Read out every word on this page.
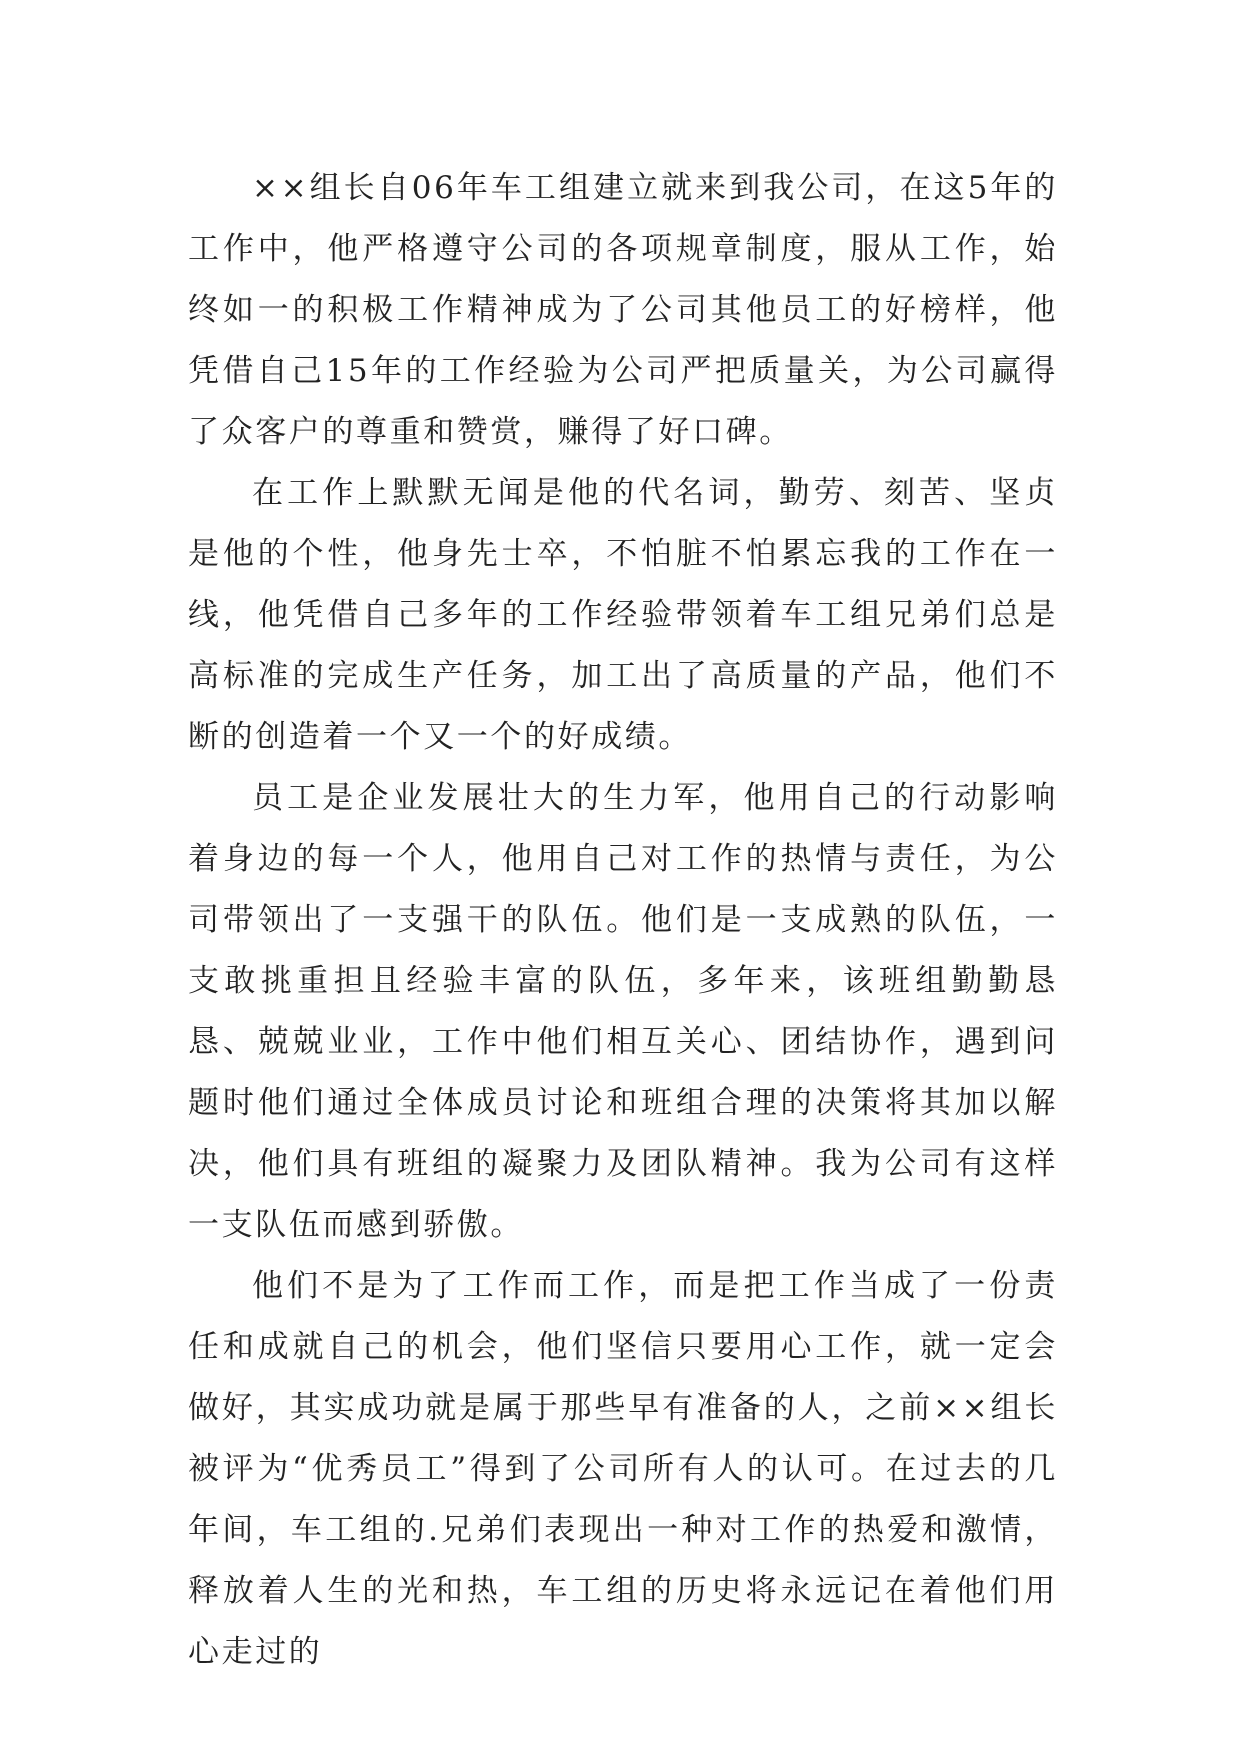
××组长自06年车工组建立就来到我公司，在这5年的工作中，他严格遵守公司的各项规章制度，服从工作，始终如一的积极工作精神成为了公司其他员工的好榜样，他凭借自己15年的工作经验为公司严把质量关，为公司赢得了众客户的尊重和赞赏，赚得了好口碑。

在工作上默默无闻是他的代名词，勤劳、刻苦、坚贞是他的个性，他身先士卒，不怕脏不怕累忘我的工作在一线，他凭借自己多年的工作经验带领着车工组兄弟们总是高标准的完成生产任务，加工出了高质量的产品，他们不断的创造着一个又一个的好成绩。

员工是企业发展壮大的生力军，他用自己的行动影响着身边的每一个人，他用自己对工作的热情与责任，为公司带领出了一支强干的队伍。他们是一支成熟的队伍，一支敢挑重担且经验丰富的队伍，多年来，该班组勤勤恳恳、兢兢业业，工作中他们相互关心、团结协作，遇到问题时他们通过全体成员讨论和班组合理的决策将其加以解决，他们具有班组的凝聚力及团队精神。我为公司有这样一支队伍而感到骄傲。

他们不是为了工作而工作，而是把工作当成了一份责任和成就自己的机会，他们坚信只要用心工作，就一定会做好，其实成功就是属于那些早有准备的人，之前××组长被评为“优秀员工”得到了公司所有人的认可。在过去的几年间，车工组的.兄弟们表现出一种对工作的热爱和激情，释放着人生的光和热，车工组的历史将永远记在着他们用心走过的
